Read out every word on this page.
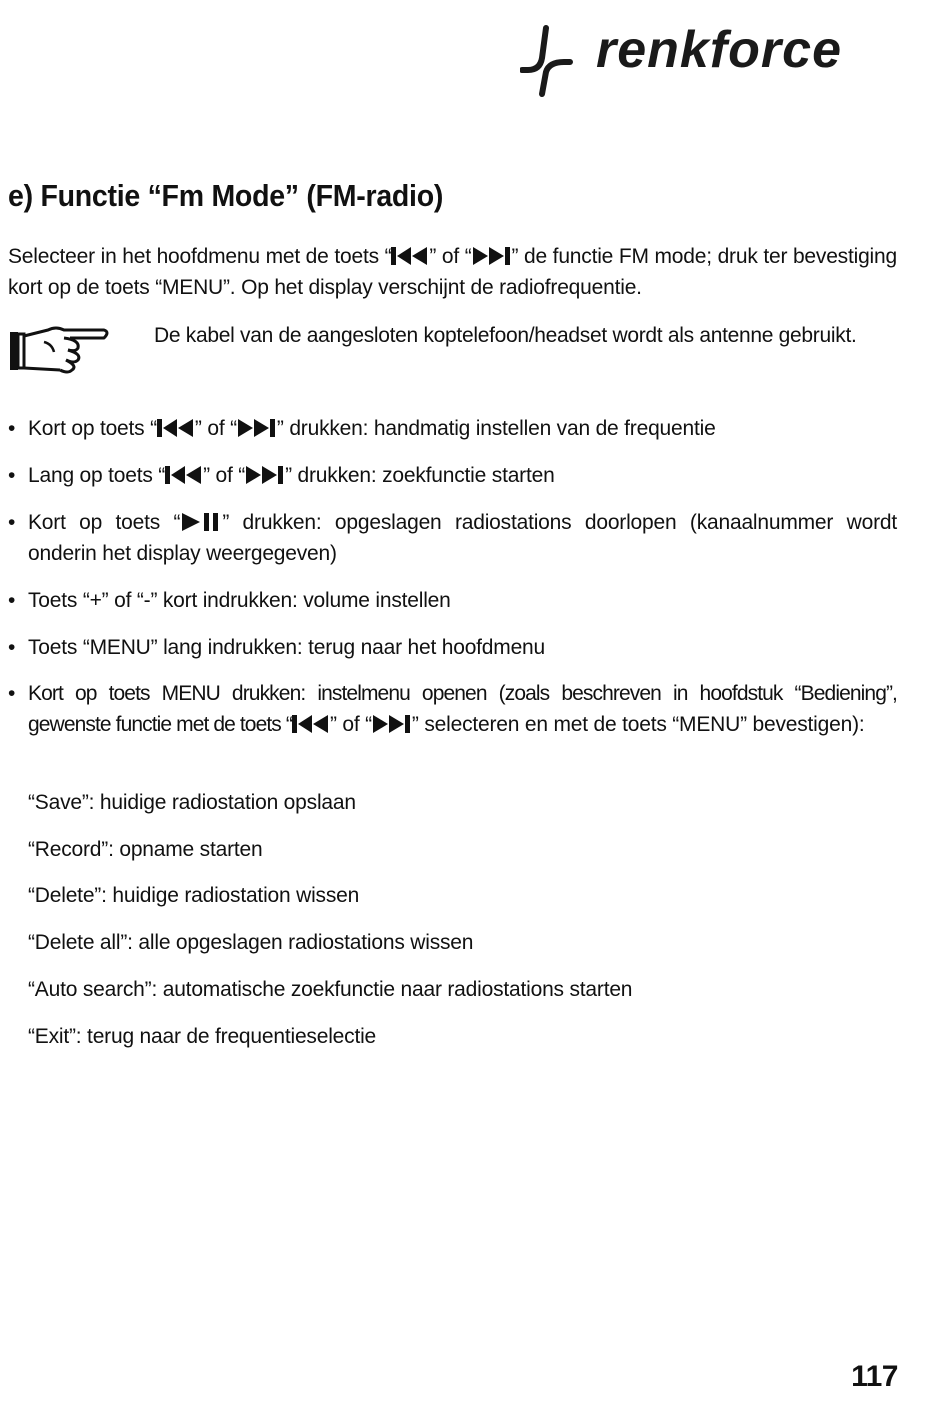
renkforce
e) Functie “Fm Mode” (FM-radio)
Selecteer in het hoofdmenu met de toets “ ” of “ ” de functie FM mode; druk ter bevestiging kort op de toets “MENU”. Op het display verschijnt de radiofrequentie.
De kabel van de aangesloten koptelefoon/headset wordt als antenne gebruikt.
• Kort op toets “ ” of “ ” drukken: handmatig instellen van de frequentie
• Lang op toets “ ” of “ ” drukken: zoekfunctie starten
• Kort op toets “ ” drukken: opgeslagen radiostations doorlopen (kanaalnummer wordt onderin het display weergegeven)
• Toets “+” of “-” kort indrukken: volume instellen
• Toets “MENU” lang indrukken: terug naar het hoofdmenu
• Kort op toets MENU drukken: instelmenu openen (zoals beschreven in hoofdstuk “Bediening”, gewenste functie met de toets “ ” of “ ” selecteren en met de toets “MENU” bevestigen):
“Save”: huidige radiostation opslaan
“Record”: opname starten
“Delete”: huidige radiostation wissen
“Delete all”: alle opgeslagen radiostations wissen
“Auto search”: automatische zoekfunctie naar radiostations starten
“Exit”: terug naar de frequentieselectie
117
